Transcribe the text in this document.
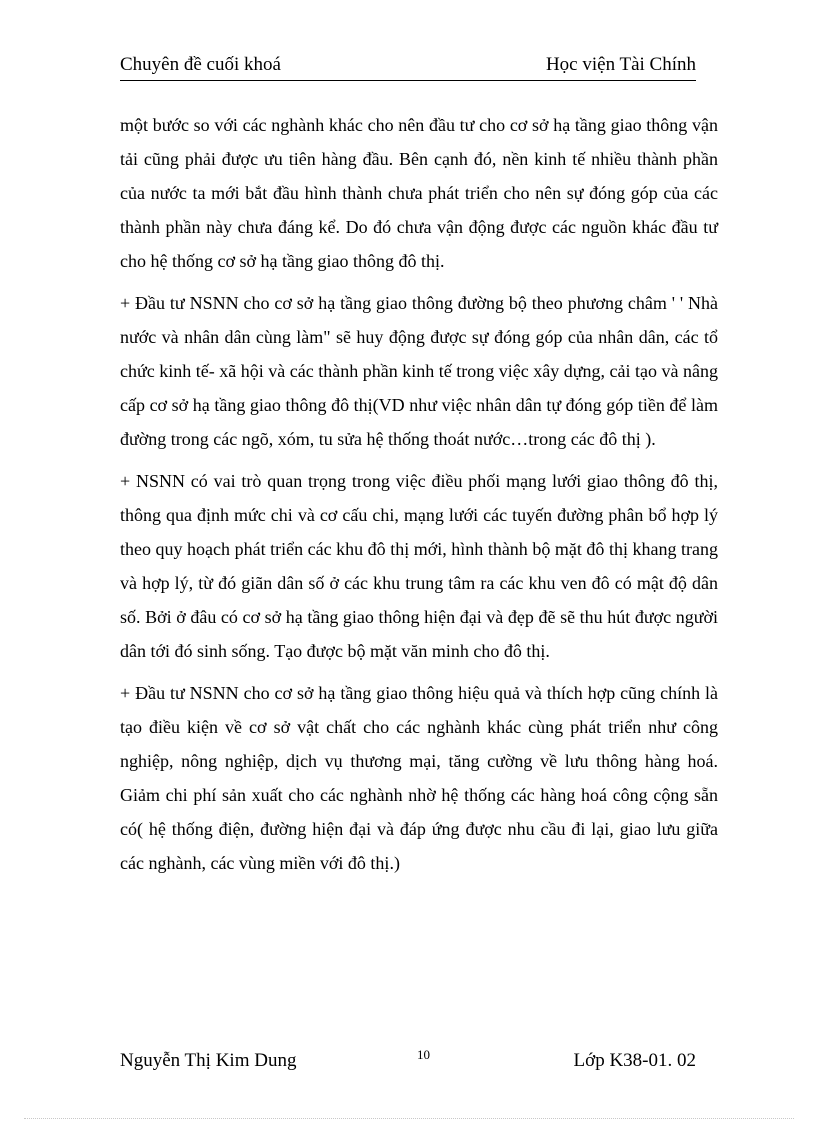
Chuyên đề cuối khoá	Học viện Tài Chính

một bước so với các nghành khác cho nên đầu tư cho cơ sở hạ tầng giao thông vận tải cũng phải được ưu tiên hàng đầu. Bên cạnh đó, nền kinh tế nhiều thành phần của nước ta mới bắt đầu hình thành chưa phát triển cho nên sự đóng góp của các thành phần này chưa đáng kể. Do đó chưa vận động được các nguồn khác đầu tư cho hệ thống cơ sở hạ tầng giao thông đô thị.

+ Đầu tư NSNN cho cơ sở hạ tầng giao thông đường bộ theo phương châm ' ' Nhà nước và nhân dân cùng làm" sẽ huy động được sự đóng góp của nhân dân, các tổ chức kinh tế- xã hội và các thành phần kinh tế trong việc xây dựng, cải tạo và nâng cấp cơ sở hạ tầng giao thông đô thị(VD như việc nhân dân tự đóng góp tiền để làm đường trong các ngõ, xóm, tu sửa hệ thống thoát nước…trong các đô thị ).

+ NSNN có vai trò quan trọng trong việc điều phối mạng lưới giao thông đô thị, thông qua định mức chi và cơ cấu chi, mạng lưới các tuyến đường phân bổ hợp lý theo quy hoạch phát triển các khu đô thị mới, hình thành bộ mặt đô thị khang trang và hợp lý, từ đó giãn dân số ở các khu trung tâm ra các khu ven đô có mật độ dân số. Bởi ở đâu có cơ sở hạ tầng giao thông hiện đại và đẹp đẽ sẽ thu hút được người dân tới đó sinh sống. Tạo được bộ mặt văn minh cho đô thị.

+ Đầu tư NSNN cho cơ sở hạ tầng giao thông hiệu quả và thích hợp cũng chính là tạo điều kiện về cơ sở vật chất cho các nghành khác cùng phát triển như công nghiệp, nông nghiệp, dịch vụ thương mại, tăng cường về lưu thông hàng hoá. Giảm chi phí sản xuất cho các nghành nhờ hệ thống các hàng hoá công cộng sẵn có( hệ thống điện, đường hiện đại và đáp ứng được nhu cầu đi lại, giao lưu giữa các nghành, các vùng miền với đô thị.)

Nguyễn Thị Kim Dung	10	Lớp K38-01. 02
